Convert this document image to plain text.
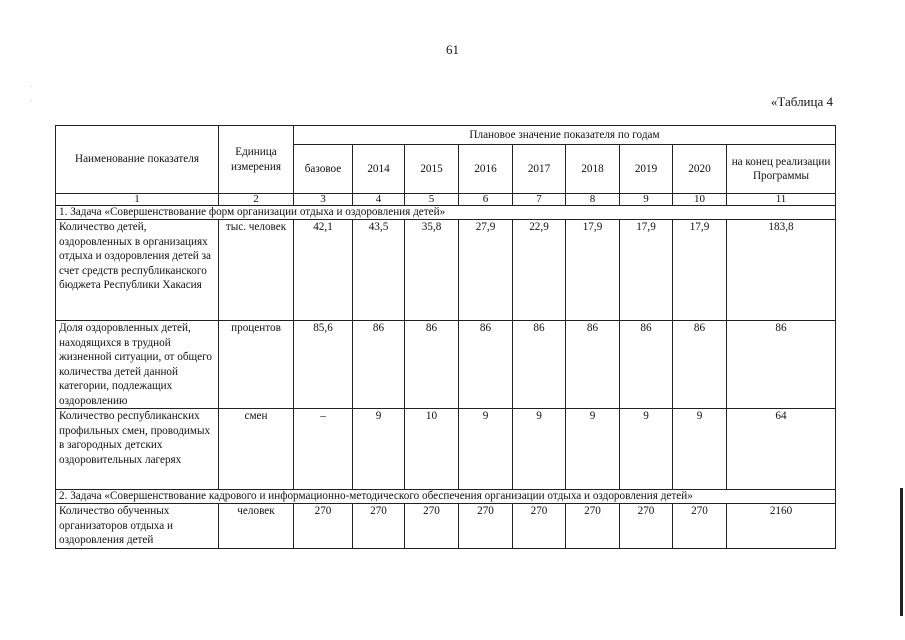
61
·
·	«Таблица 4
Наименование показателя	Единица измерения	Плановое значение показателя по годам								
		базовое	2014	2015	2016	2017	2018	2019	2020	на конец реализации Программы
1	2	3	4	5	6	7	8	9	10	11
1. Задача «Совершенствование форм организации отдыха и оздоровления детей»										
Количество детей, оздоровленных в организациях отдыха и оздоровления детей за счет средств республиканского бюджета Республики Хакасия	тыс. человек	42,1	43,5	35,8	27,9	22,9	17,9	17,9	17,9	183,8
Доля оздоровленных детей, находящихся в трудной жизненной ситуации, от общего количества детей данной категории, подлежащих оздоровлению	процентов	85,6	86	86	86	86	86	86	86	86
Количество республиканских профильных смен, проводимых в загородных детских оздоровительных лагерях	смен	–	9	10	9	9	9	9	9	64
2. Задача «Совершенствование кадрового и информационно-методического обеспечения организации отдыха и оздоровления детей»										
Количество обученных организаторов отдыха и оздоровления детей	человек	270	270	270	270	270	270	270	270	2160
